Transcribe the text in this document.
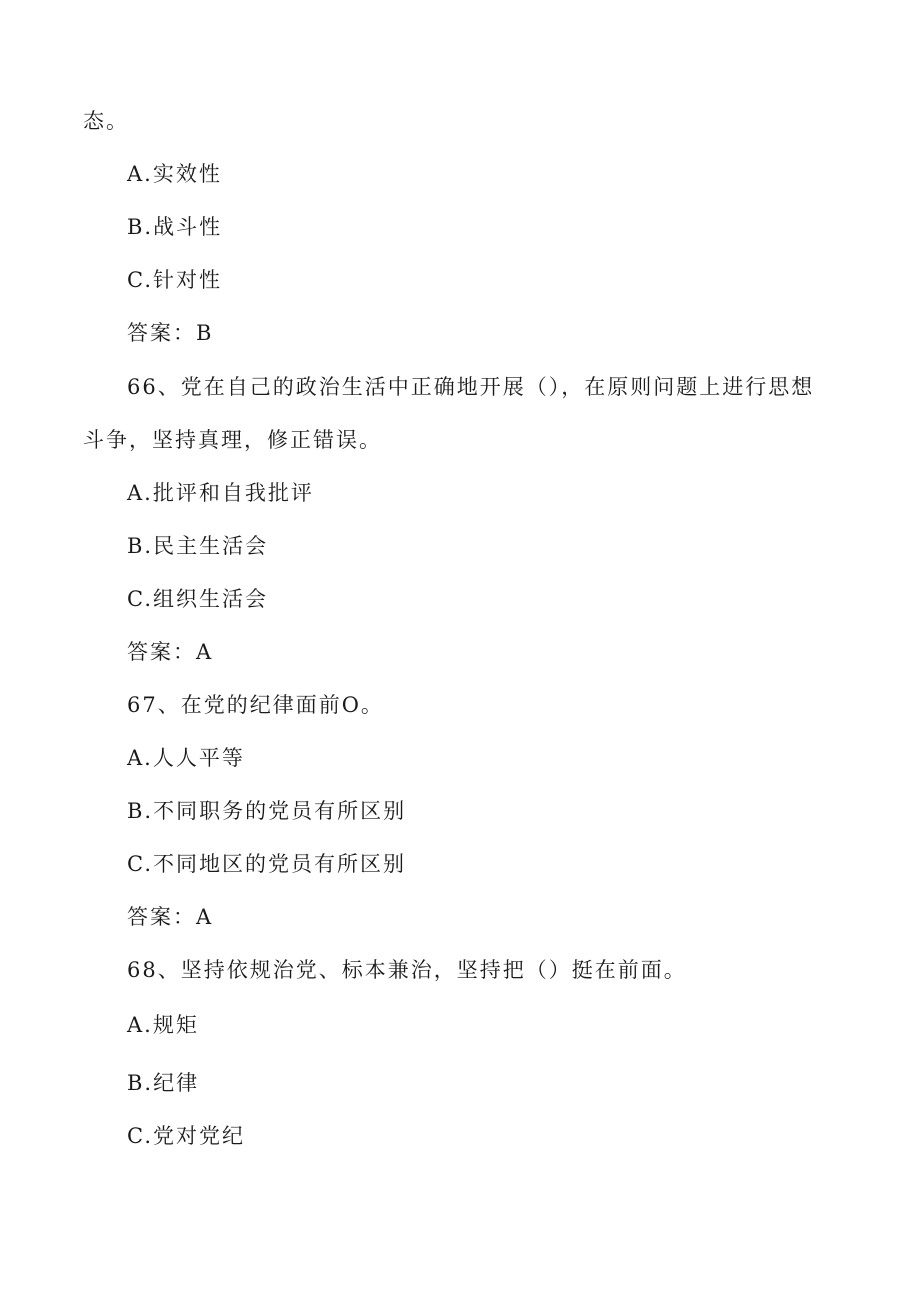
态。
A.实效性
B.战斗性
C.针对性
答案：B
66、党在自己的政治生活中正确地开展（），在原则问题上进行思想
斗争，坚持真理，修正错误。
A.批评和自我批评
B.民主生活会
C.组织生活会
答案：A
67、在党的纪律面前O。
A.人人平等
B.不同职务的党员有所区别
C.不同地区的党员有所区别
答案：A
68、坚持依规治党、标本兼治，坚持把（）挺在前面。
A.规矩
B.纪律
C.党对党纪
